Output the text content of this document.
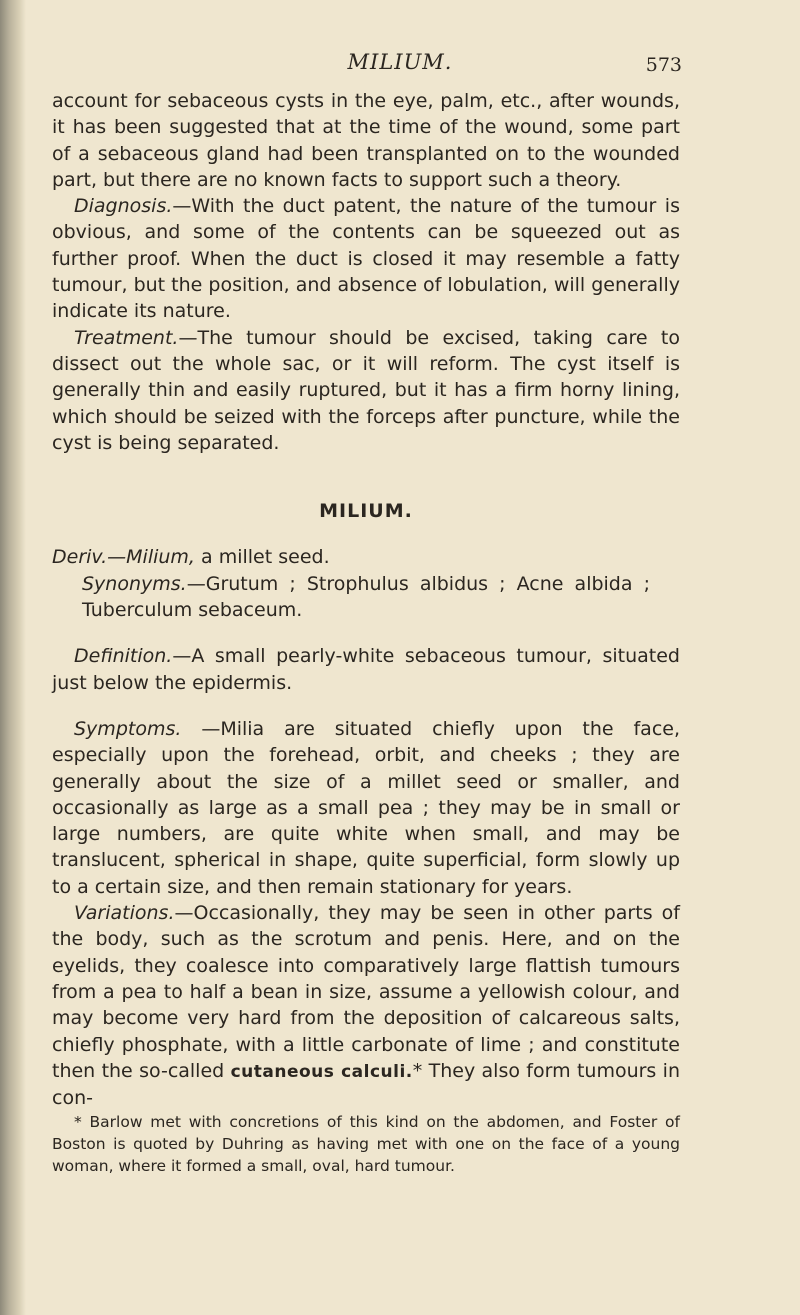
MILIUM.	573

account for sebaceous cysts in the eye, palm, etc., after wounds, it has been suggested that at the time of the wound, some part of a sebaceous gland had been transplanted on to the wounded part, but there are no known facts to support such a theory.

Diagnosis.—With the duct patent, the nature of the tumour is obvious, and some of the contents can be squeezed out as further proof. When the duct is closed it may resemble a fatty tumour, but the position, and absence of lobulation, will generally indicate its nature.

Treatment.—The tumour should be excised, taking care to dissect out the whole sac, or it will reform. The cyst itself is generally thin and easily ruptured, but it has a firm horny lining, which should be seized with the forceps after puncture, while the cyst is being separated.

MILIUM.

Deriv.—Milium, a millet seed.

Synonyms.—Grutum ; Strophulus albidus ; Acne albida ; Tuberculum sebaceum.

Definition.—A small pearly-white sebaceous tumour, situated just below the epidermis.

Symptoms. —Milia are situated chiefly upon the face, especially upon the forehead, orbit, and cheeks ; they are generally about the size of a millet seed or smaller, and occasionally as large as a small pea ; they may be in small or large numbers, are quite white when small, and may be translucent, spherical in shape, quite superficial, form slowly up to a certain size, and then remain stationary for years.

Variations.—Occasionally, they may be seen in other parts of the body, such as the scrotum and penis. Here, and on the eyelids, they coalesce into comparatively large flattish tumours from a pea to half a bean in size, assume a yellowish colour, and may become very hard from the deposition of calcareous salts, chiefly phosphate, with a little carbonate of lime ; and constitute then the so-called cutaneous calculi.* They also form tumours in con-

* Barlow met with concretions of this kind on the abdomen, and Foster of Boston is quoted by Duhring as having met with one on the face of a young woman, where it formed a small, oval, hard tumour.
